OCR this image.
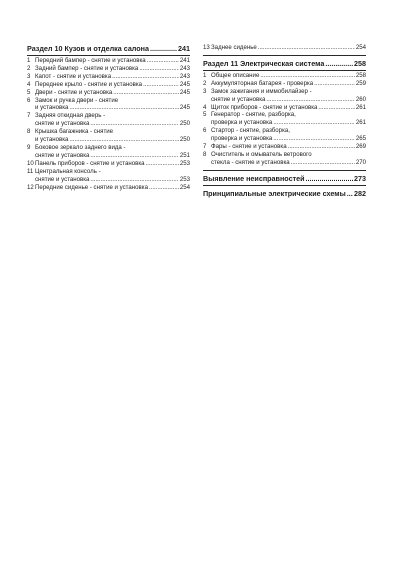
Раздел 10 Кузов и отделка салона .....	241
1 Передний бампер - снятие и установка .....	241
2 Задний бампер - снятие и установка .....	243
3 Капот - снятие и установка .....	243
4 Переднее крыло - снятие и установка .....	245
5 Двери - снятие и установка .....	245
6 Замок и ручка двери - снятие
и установка .....	245
7 Задняя откидная дверь -
снятие и установка .....	250
8 Крышка багажника - снятие
и установка .....	250
9 Боковое зеркало заднего вида -
снятие и установка .....	251
10 Панель приборов - снятие и установка .....	253
11 Центральная консоль -
снятие и установка .....	253
12 Передние сиденье - снятие и установка .....	254
13 Заднее сиденье .....	254
Раздел 11 Электрическая система .....	258
1 Общее описание .....	258
2 Аккумуляторная батарея - проверка .....	259
3 Замок зажигания и иммобилайзер -
снятие и установка .....	260
4 Щиток приборов - снятие и установка .....	261
5 Генератор - снятие, разборка,
проверка и установка .....	261
6 Стартор - снятие, разборка,
проверка и установка .....	265
7 Фары - снятие и установка .....	269
8 Очиститель и омыватель ветрового
стекла - снятие и установка .....	270
Выявление неисправностей .....	273
Принципиальные электрические схемы ..... 282
